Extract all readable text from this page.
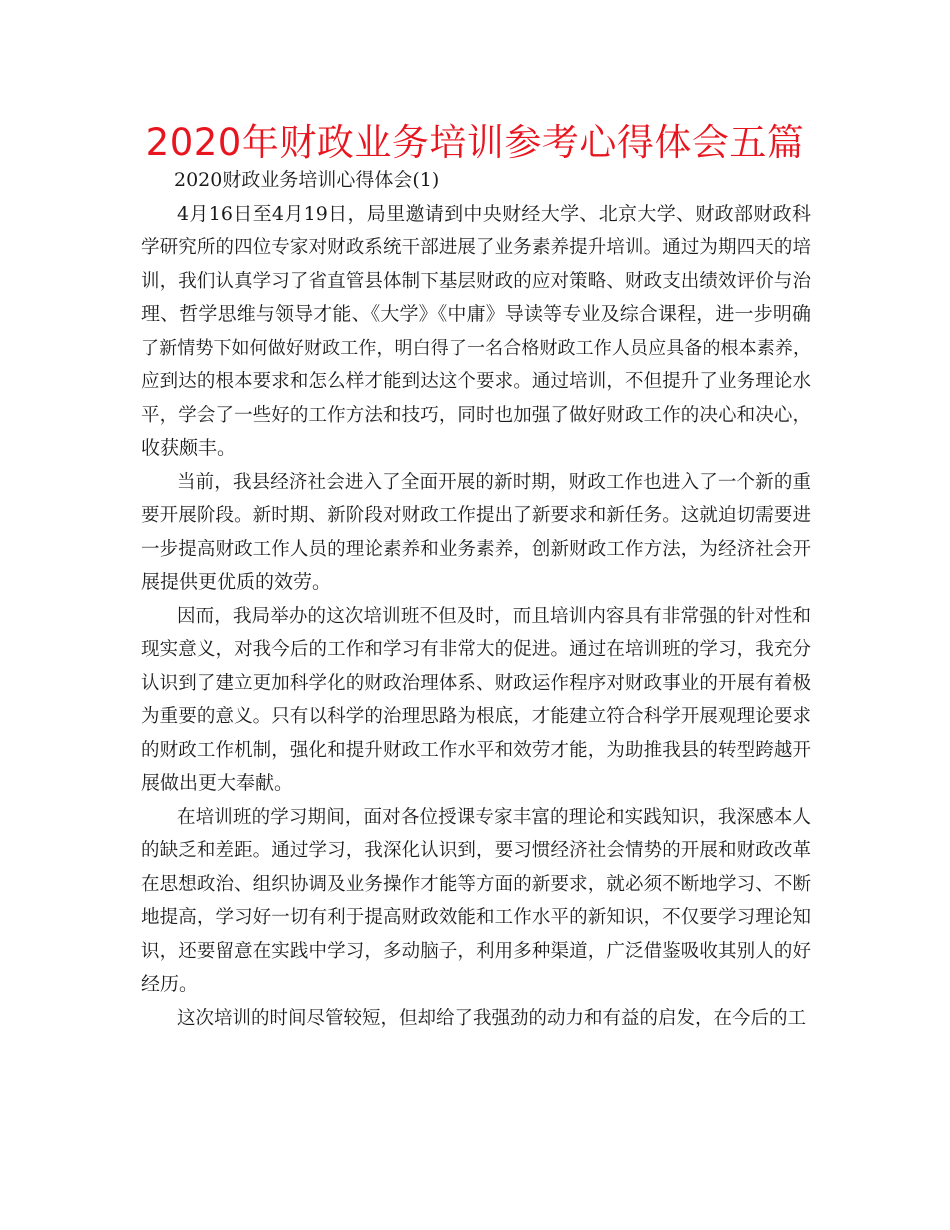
2020年财政业务培训参考心得体会五篇

2020财政业务培训心得体会(1)

4月16日至4月19日，局里邀请到中央财经大学、北京大学、财政部财政科
学研究所的四位专家对财政系统干部进展了业务素养提升培训。通过为期四天的培
训，我们认真学习了省直管县体制下基层财政的应对策略、财政支出绩效评价与治
理、哲学思维与领导才能、《大学》《中庸》导读等专业及综合课程，进一步明确
了新情势下如何做好财政工作，明白得了一名合格财政工作人员应具备的根本素养，
应到达的根本要求和怎么样才能到达这个要求。通过培训，不但提升了业务理论水
平，学会了一些好的工作方法和技巧，同时也加强了做好财政工作的决心和决心，
收获颇丰。

当前，我县经济社会进入了全面开展的新时期，财政工作也进入了一个新的重
要开展阶段。新时期、新阶段对财政工作提出了新要求和新任务。这就迫切需要进
一步提高财政工作人员的理论素养和业务素养，创新财政工作方法，为经济社会开
展提供更优质的效劳。

因而，我局举办的这次培训班不但及时，而且培训内容具有非常强的针对性和
现实意义，对我今后的工作和学习有非常大的促进。通过在培训班的学习，我充分
认识到了建立更加科学化的财政治理体系、财政运作程序对财政事业的开展有着极
为重要的意义。只有以科学的治理思路为根底，才能建立符合科学开展观理论要求
的财政工作机制，强化和提升财政工作水平和效劳才能，为助推我县的转型跨越开
展做出更大奉献。

在培训班的学习期间，面对各位授课专家丰富的理论和实践知识，我深感本人
的缺乏和差距。通过学习，我深化认识到，要习惯经济社会情势的开展和财政改革
在思想政治、组织协调及业务操作才能等方面的新要求，就必须不断地学习、不断
地提高，学习好一切有利于提高财政效能和工作水平的新知识，不仅要学习理论知
识，还要留意在实践中学习，多动脑子，利用多种渠道，广泛借鉴吸收其别人的好
经历。

这次培训的时间尽管较短，但却给了我强劲的动力和有益的启发，在今后的工
